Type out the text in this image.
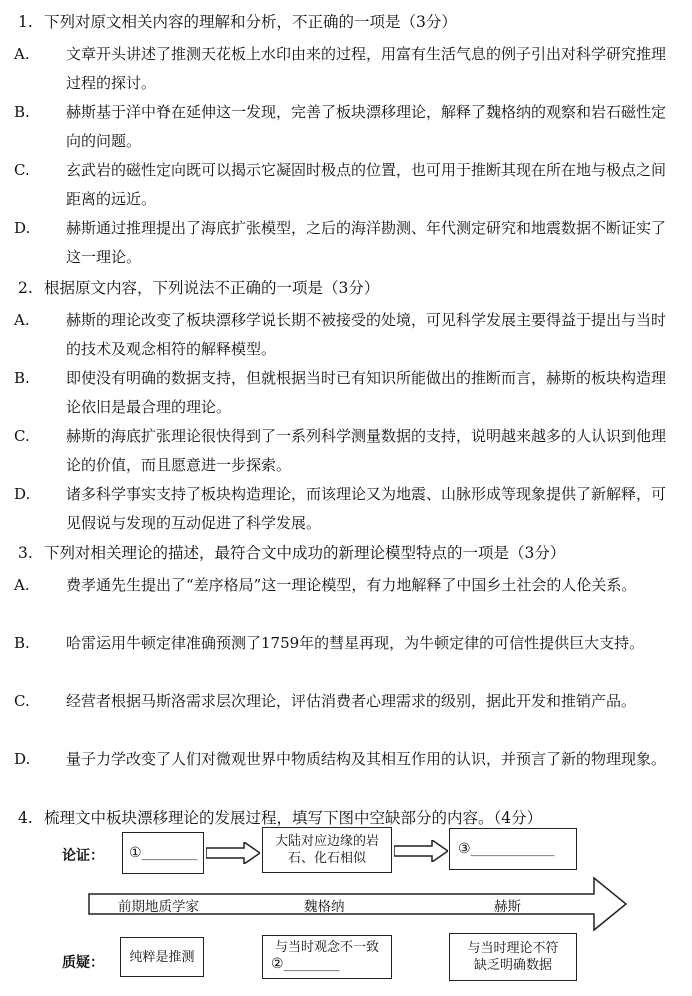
1. 下列对原文相关内容的理解和分析，不正确的一项是（3分）
A. 文章开头讲述了推测天花板上水印由来的过程，用富有生活气息的例子引出对科学研究推理过程的探讨。
B. 赫斯基于洋中脊在延伸这一发现，完善了板块漂移理论，解释了魏格纳的观察和岩石磁性定向的问题。
C. 玄武岩的磁性定向既可以揭示它凝固时极点的位置，也可用于推断其现在所在地与极点之间距离的远近。
D. 赫斯通过推理提出了海底扩张模型，之后的海洋勘测、年代测定研究和地震数据不断证实了这一理论。
2. 根据原文内容，下列说法不正确的一项是（3分）
A. 赫斯的理论改变了板块漂移学说长期不被接受的处境，可见科学发展主要得益于提出与当时的技术及观念相符的解释模型。
B. 即使没有明确的数据支持，但就根据当时已有知识所能做出的推断而言，赫斯的板块构造理论依旧是最合理的理论。
C. 赫斯的海底扩张理论很快得到了一系列科学测量数据的支持，说明越来越多的人认识到他理论的价值，而且愿意进一步探索。
D. 诸多科学事实支持了板块构造理论，而该理论又为地震、山脉形成等现象提供了新解释，可见假说与发现的互动促进了科学发展。
3. 下列对相关理论的描述，最符合文中成功的新理论模型特点的一项是（3分）
A. 费孝通先生提出了“差序格局”这一理论模型，有力地解释了中国乡土社会的人伦关系。
B. 哈雷运用牛顿定律准确预测了1759年的彗星再现，为牛顿定律的可信性提供巨大支持。
C. 经营者根据马斯洛需求层次理论，评估消费者心理需求的级别，据此开发和推销产品。
D. 量子力学改变了人们对微观世界中物质结构及其相互作用的认识，并预言了新的物理现象。
4. 梳理文中板块漂移理论的发展过程，填写下图中空缺部分的内容。（4分）
论证： ①________
大陆对应边缘的岩石、化石相似
③____________
前期地质学家	魏格纳	赫斯
质疑： 纯粹是推测
与当时观念不一致
②________
与当时理论不符缺乏明确数据
